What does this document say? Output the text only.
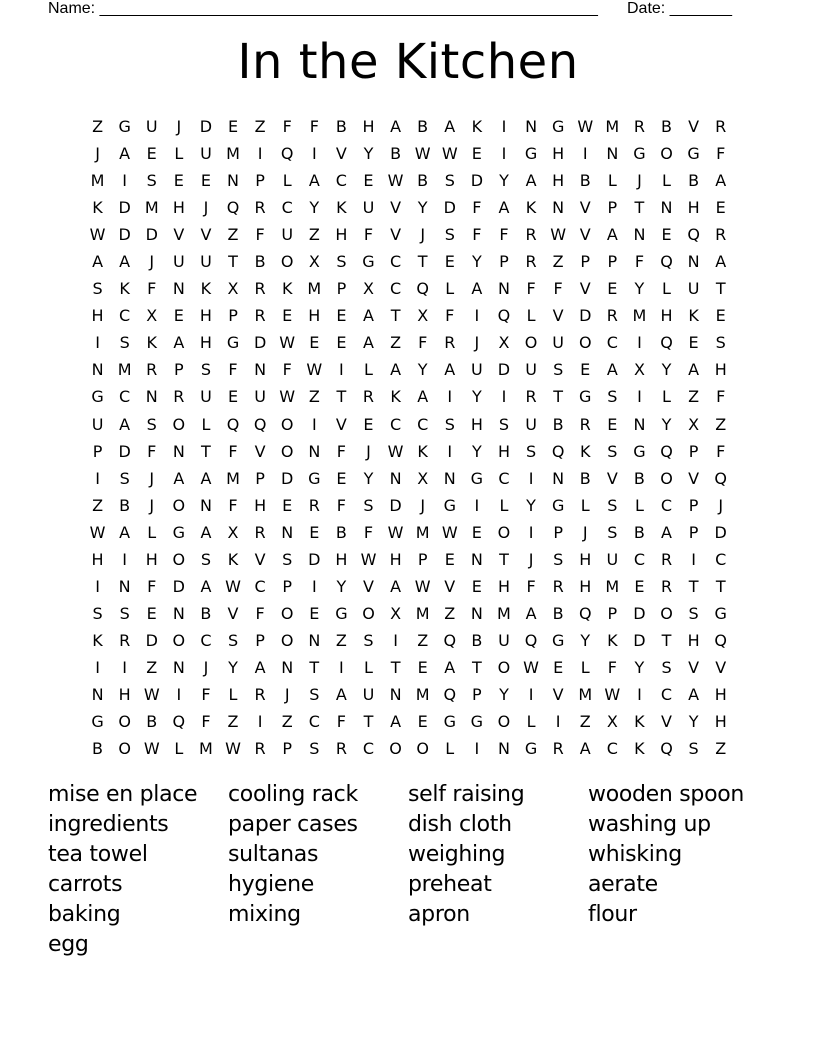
Name: ________________________________________________________ Date: _______
In the Kitchen
Z G U	J	D E	Z	F	F	B H A	B	A	K	I	N G W M R	B	V	R
J	A	E	L	U M	I	Q	I	V	Y	B W W E	I	G H	I	N G O G	F
M	I	S	E	E	N	P	L	A	C	E W B	S D	Y	A H B	L	J	L	B	A
K D M H	J	Q R C	Y	K U V	Y	D	F	A	K N V	P	T	N H	E
W D D V	V	Z	F	U Z H	F	V	J	S	F	F	R W V	A N	E Q R
A	A	J	U U	T	B O X	S G C	T	E	Y	P	R	Z	P	P	F	Q N A
S	K	F	N K	X	R	K M P	X	C Q	L	A N	F	F	V	E	Y	L	U	T
H C	X	E	H	P	R	E	H	E	A	T	X	F	I	Q	L	V D R M H K	E
I	S	K	A H G D W E	E	A	Z	F	R	J	X O U O C	I	Q E	S
N M R	P	S	F	N	F W	I	L	A	Y	A U D U	S	E	A	X	Y	A H
G C N R U	E	U W Z	T	R	K	A	I	Y	I	R	T	G S	I	L	Z	F
U A	S O	L	Q Q O	I	V	E	C C	S	H	S	U B	R	E	N	Y	X	Z
P	D	F	N	T	F	V O N	F	J	W K	I	Y	H	S Q K	S G Q P	F
I	S	J	A	A M P	D G E	Y	N X N G C	I	N B	V	B O V Q
Z	B	J	O N	F	H	E	R	F	S D	J	G	I	L	Y	G	L	S	L	C	P	J
W A	L	G A	X	R N	E	B	F W M W E O	I	P	J	S	B	A	P	D
H	I	H O S	K	V	S D H W H	P	E	N	T	J	S	H U C R	I	C
I	N	F	D A W C	P	I	Y	V	A W V	E	H	F	R H M E	R	T	T
S	S	E	N B	V	F	O E G O X M Z N M A	B Q P	D O S G
K	R D O C	S	P O N Z	S	I	Z Q B U Q G	Y	K D	T	H Q
I	I	Z N	J	Y	A N	T	I	L	T	E	A	T O W E	L	F	Y	S	V	V
N H W	I	F	L	R	J	S	A U N M Q P	Y	I	V M W	I	C	A H
G O B Q	F	Z	I	Z	C	F	T	A	E G G O	L	I	Z	X	K	V	Y	H
B O W L M W R	P	S	R C O O	L	I	N G R	A	C	K Q S	Z
mise en place	cooling rack	self raising	wooden spoon
ingredients	paper cases	dish cloth	washing up
tea towel	sultanas	weighing	whisking
carrots	hygiene	preheat	aerate
baking	mixing	apron	flour
egg
